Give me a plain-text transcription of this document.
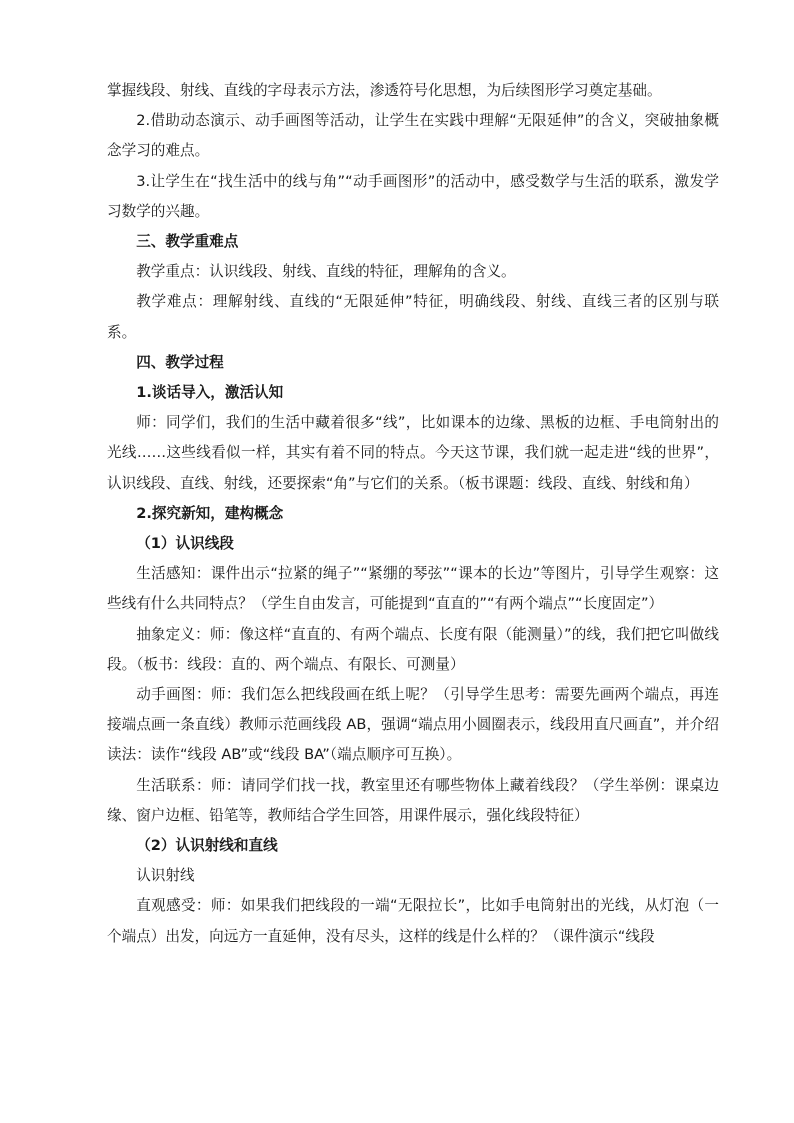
掌握线段、射线、直线的字母表示方法，渗透符号化思想，为后续图形学习奠定基础。

2.借助动态演示、动手画图等活动，让学生在实践中理解“无限延伸”的含义，突破抽象概念学习的难点。

3.让学生在“找生活中的线与角”“动手画图形”的活动中，感受数学与生活的联系，激发学习数学的兴趣。

三、教学重难点

教学重点：认识线段、射线、直线的特征，理解角的含义。

教学难点：理解射线、直线的“无限延伸”特征，明确线段、射线、直线三者的区别与联系。

四、教学过程

1.谈话导入，激活认知

师：同学们，我们的生活中藏着很多“线”，比如课本的边缘、黑板的边框、手电筒射出的光线……这些线看似一样，其实有着不同的特点。今天这节课，我们就一起走进“线的世界”，认识线段、直线、射线，还要探索“角”与它们的关系。（板书课题：线段、直线、射线和角）

2.探究新知，建构概念

（1）认识线段

生活感知：课件出示“拉紧的绳子”“紧绷的琴弦”“课本的长边”等图片，引导学生观察：这些线有什么共同特点？（学生自由发言，可能提到“直直的”“有两个端点”“长度固定”）

抽象定义：师：像这样“直直的、有两个端点、长度有限（能测量）”的线，我们把它叫做线段。（板书：线段：直的、两个端点、有限长、可测量）

动手画图：师：我们怎么把线段画在纸上呢？（引导学生思考：需要先画两个端点，再连接端点画一条直线）教师示范画线段 AB，强调“端点用小圆圈表示，线段用直尺画直”，并介绍读法：读作“线段 AB”或“线段 BA”（端点顺序可互换）。

生活联系：师：请同学们找一找，教室里还有哪些物体上藏着线段？（学生举例：课桌边缘、窗户边框、铅笔等，教师结合学生回答，用课件展示，强化线段特征）

（2）认识射线和直线

认识射线

直观感受：师：如果我们把线段的一端“无限拉长”，比如手电筒射出的光线，从灯泡（一个端点）出发，向远方一直延伸，没有尽头，这样的线是什么样的？（课件演示“线段
